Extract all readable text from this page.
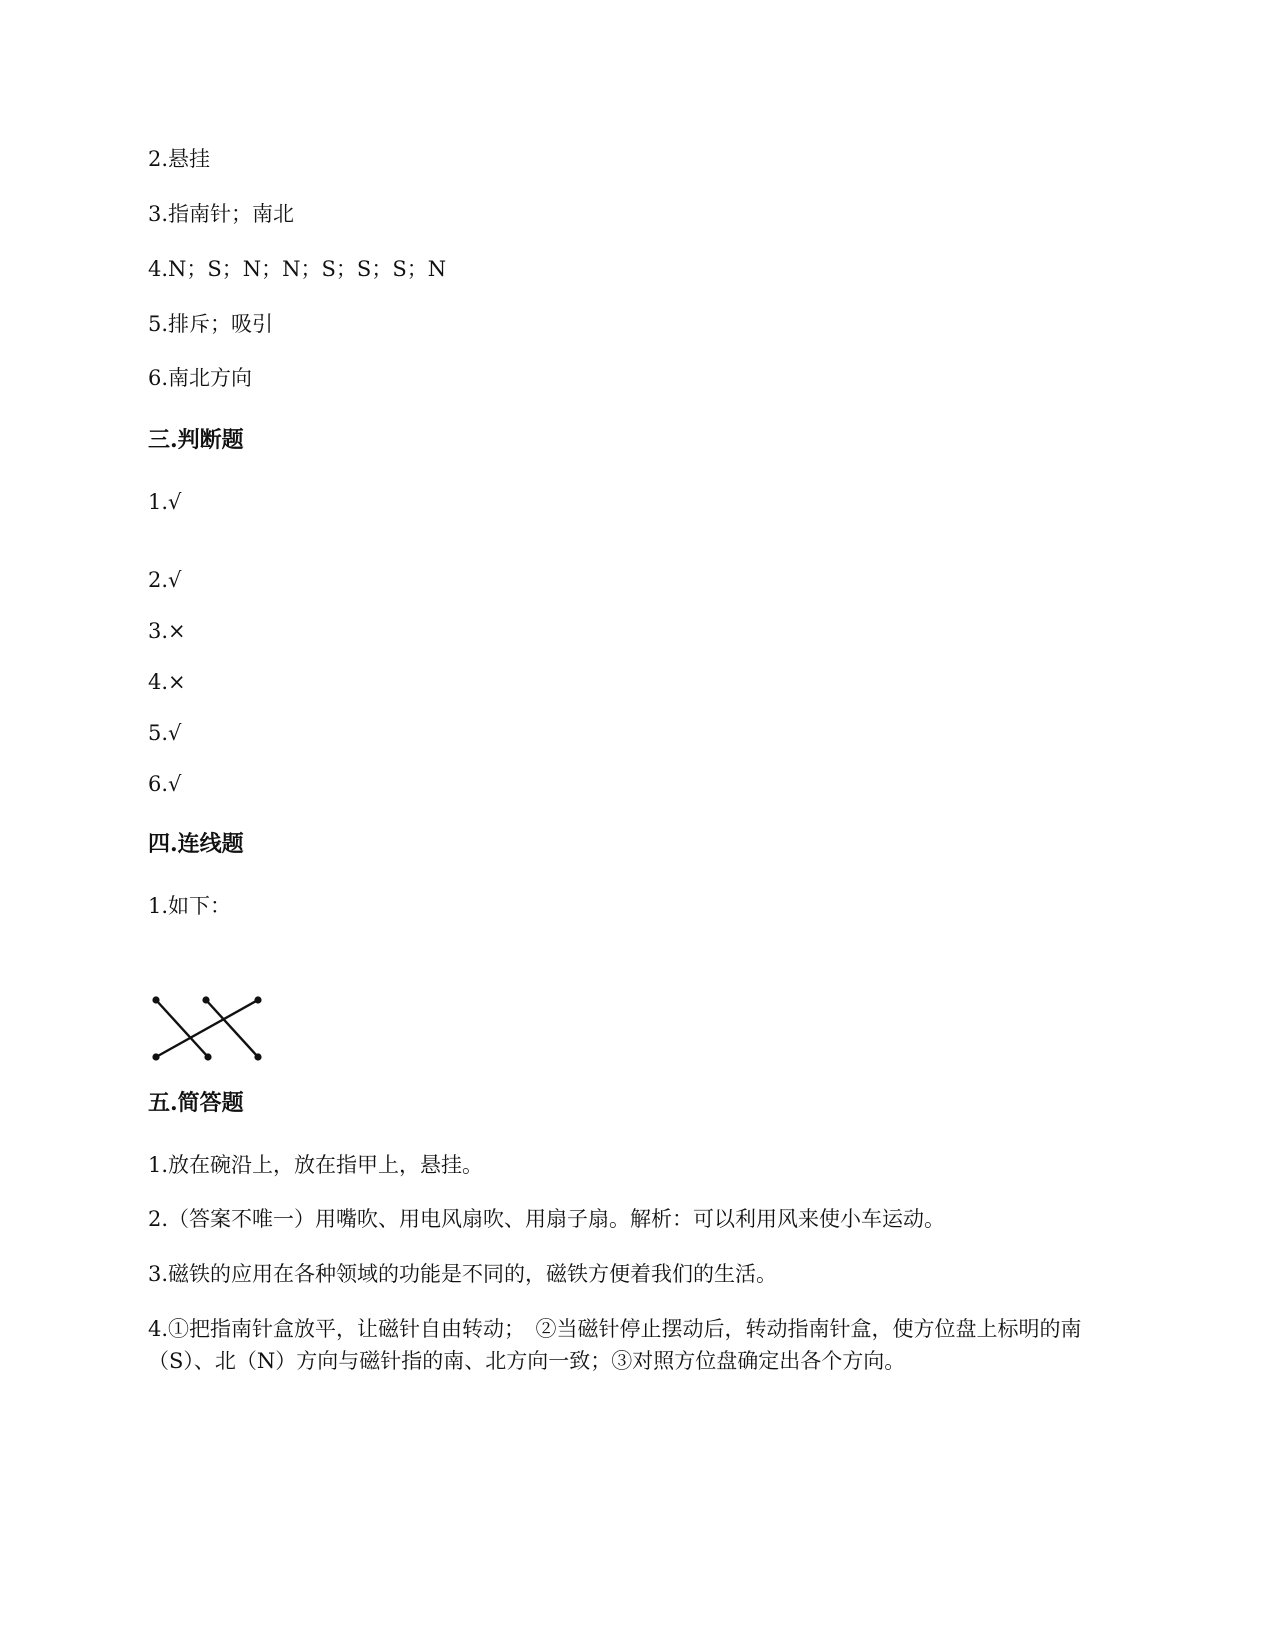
2.悬挂
3.指南针；南北
4.N；S；N；N；S；S；S；N
5.排斥；吸引
6.南北方向
三.判断题
1.√
2.√
3.×
4.×
5.√
6.√
四.连线题
1.如下：
五.简答题
1.放在碗沿上，放在指甲上，悬挂。
2.（答案不唯一）用嘴吹、用电风扇吹、用扇子扇。解析：可以利用风来使小车运动。
3.磁铁的应用在各种领域的功能是不同的，磁铁方便着我们的生活。
4.①把指南针盒放平，让磁针自由转动；　②当磁针停止摆动后，转动指南针盒，使方位盘上标明的南（S）、北（N）方向与磁针指的南、北方向一致；③对照方位盘确定出各个方向。
